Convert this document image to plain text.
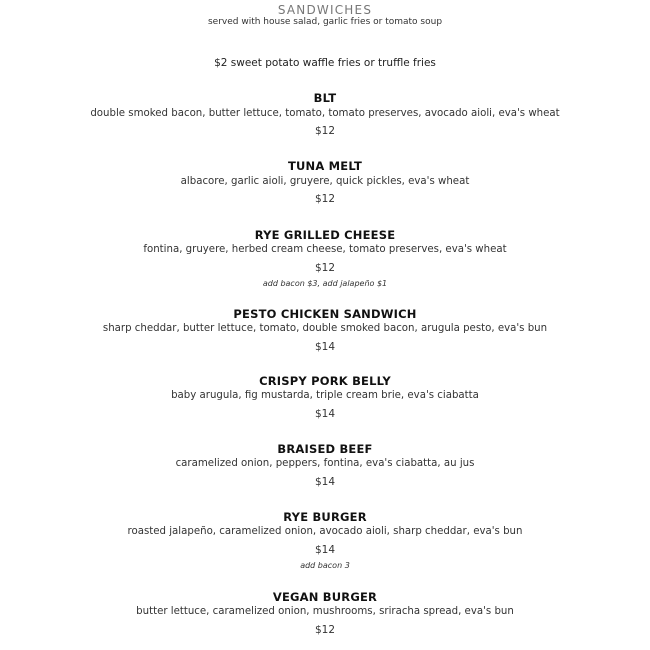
SANDWICHES
served with house salad, garlic fries or tomato soup
$2 sweet potato waffle fries or truffle fries
BLT
double smoked bacon, butter lettuce, tomato, tomato preserves, avocado aioli, eva's wheat
$12
TUNA MELT
albacore, garlic aioli, gruyere, quick pickles, eva's wheat
$12
RYE GRILLED CHEESE
fontina, gruyere, herbed cream cheese, tomato preserves, eva's wheat
$12
add bacon $3, add jalapeño $1
PESTO CHICKEN SANDWICH
sharp cheddar, butter lettuce, tomato, double smoked bacon, arugula pesto, eva's bun
$14
CRISPY PORK BELLY
baby arugula, fig mustarda, triple cream brie, eva's ciabatta
$14
BRAISED BEEF
caramelized onion, peppers, fontina, eva's ciabatta, au jus
$14
RYE BURGER
roasted jalapeño, caramelized onion, avocado aioli, sharp cheddar, eva's bun
$14
add bacon 3
VEGAN BURGER
butter lettuce, caramelized onion, mushrooms, sriracha spread, eva's bun
$12
